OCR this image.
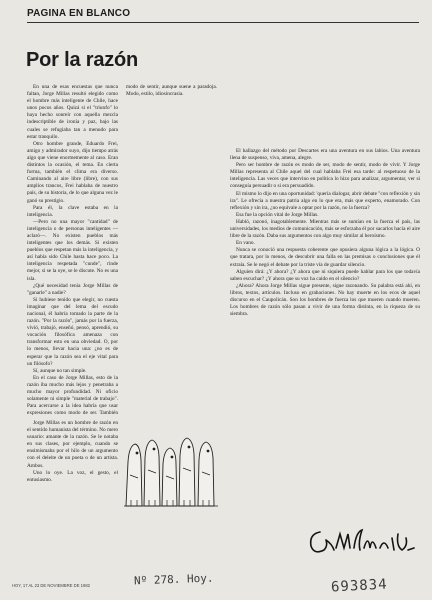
PAGINA EN BLANCO
Por la razón

En una de esas encuestas que nunca faltan, Jorge Millas resultó elegido como el hombre más inteligente de Chile, hace unos pocos años. Quizá si el "triunfo" lo haya hecho sonreír con aquella mezcla indescriptible de ironía y paz, bajo las cuales se refugiaba tan a menudo para estar tranquilo.

Otro hombre grande, Eduardo Frei, amigo y admirador suyo, dijo tiempo atrás algo que viene enormemente al caso. Eran distintos la ocasión, el tema. En cierta forma, también el clima era diverso. Caminando al aire libre (libre), con sus amplios trancos, Frei hablaba de nuestro país, de su historia, de lo que alguna vez le ganó su prestigio.

Para él, la clave estaba en la inteligencia.

—Pero no una mayor "cantidad" de inteligencia o de personas inteligentes —aclaró—. No existen pueblos más inteligentes que los demás. Si existen pueblos que respetan más la inteligencia, y así había sido Chile hasta hace poco. La inteligencia respetada "cunde", rinde mejor, si se la oye, se le discute. No es una isla.

¿Qué necesidad tenía Jorge Millas de "ganarle" a nadie?

Si hubiese tenido que elegir, no cuesta imaginar que del lema del escudo nacional, él habría tomado la parte de la razón. "Por la razón", jamás por la fuerza, vivió, trabajó, enseñó, pensó, aprendió, su vocación filosófica amenaza con transformar esto en una obviedad. O, por lo menos, llevar hacia una: ¿no es de esperar que la razón sea el eje vital para un filósofo?

Sí, aunque no tan simple.

En el caso de Jorge Millas, esto de la razón iba mucho más lejos y penetraba a mucho mayor profundidad. Ni oficio solamente ni simple "material de trabajo". Para acercarse a la idea habría que usar expresiones como modo de ser. También modo de sentir, aunque suene a paradoja. Modo, estilo, idiosincrasia.

Jorge Millas es un hombre de razón en el sentido humanista del término. No mero usuario: amante de la razón. Se le notaba en sus clases, por ejemplo, cuando se ensimismaba por el hilo de un argumento con el deleite de un poeta o de un artista. Ambos.

Uno lo oye. La voz, el gesto, el entusiasmo.

El hallazgo del método por Descartes era una aventura en sus labios. Una aventura llena de suspenso, viva, amena, alegre.

Pero ser hombre de razón es modo de ser, modo de sentir, modo de vivir. Y Jorge Millas representa al Chile aquel del cual hablaba Frei esa tarde: al respetuoso de la inteligencia. Las veces que intervino en política lo hizo para analizar, argumentar, ver si conseguía persuadir o si era persuadido.

El mismo lo dijo en una oportunidad: 'quería dialogar, abrir debate "con reflexión y sin ira". Le ofrecía a nuestra patria algo en lo que era, más que experto, enamorado. Con reflexión y sin ira, ¿no equivale a optar por la razón, no la fuerza?

Esa fue la opción vital de Jorge Millas.

Habló, razonó, inagotablemente. Mientras más se sumían en la fuerza el país, las universidades, los medios de comunicación, más se esforzaba él por sacarlos hacia el aire libre de la razón. Daba sus argumentos con algo muy similar al heroísmo.

En vano.

Nunca se conoció una respuesta coherente que opusiera alguna lógica a la lógica. O que tratara, por lo menos, de descubrir una falla en las premisas o conclusiones que él extraía. Se le negó el debate por la triste vía de guardar silencio.

Alguien dirá: ¿Y ahora? ¿Y ahora que ni siquiera puede hablar para los que todavía saben escuchar? ¿Y ahora que su voz ha caído en el silencio?

¿Ahora? Ahora Jorge Millas sigue presente, sigue razonando. Su palabra está ahí, en libros, textos, artículos. Incluso en grabaciones. No hay muerte en los ecos de aquel discurso en el Caupolicán. Son los hombres de fuerza los que mueren cuando mueren. Los hombres de razón sólo pasan a vivir de una forma distinta, en la riqueza de su siembra.

HOY, 17 AL 23 DE NOVIEMBRE DE 1982	Nº 278. Hoy.	693834
